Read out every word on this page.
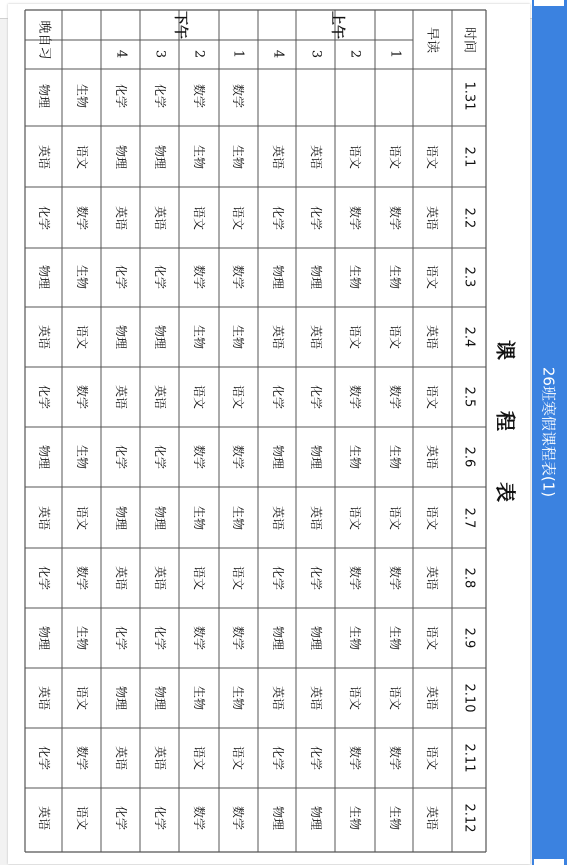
课 程 表
时间
1.31
2.1
2.2
2.3
2.4
2.5
2.6
2.7
2.8
2.9
2.10
2.11
2.12
上午
下午
早读
语文
英语
语文
英语
语文
英语
语文
英语
语文
英语
语文
英语
1
语文
数学
生物
语文
数学
生物
语文
数学
生物
语文
数学
生物
2
语文
数学
生物
语文
数学
生物
语文
数学
生物
语文
数学
生物
3
英语
化学
物理
英语
化学
物理
英语
化学
物理
英语
化学
物理
4
英语
化学
物理
英语
化学
物理
英语
化学
物理
英语
化学
物理
1
数学
生物
语文
数学
生物
语文
数学
生物
语文
数学
生物
语文
数学
2
数学
生物
语文
数学
生物
语文
数学
生物
语文
数学
生物
语文
数学
3
化学
物理
英语
化学
物理
英语
化学
物理
英语
化学
物理
英语
化学
4
化学
物理
英语
化学
物理
英语
化学
物理
英语
化学
物理
英语
化学
生物
语文
数学
生物
语文
数学
生物
语文
数学
生物
语文
数学
语文
晚自习
物理
英语
化学
物理
英语
化学
物理
英语
化学
物理
英语
化学
英语
26班寒假课程表(1)
